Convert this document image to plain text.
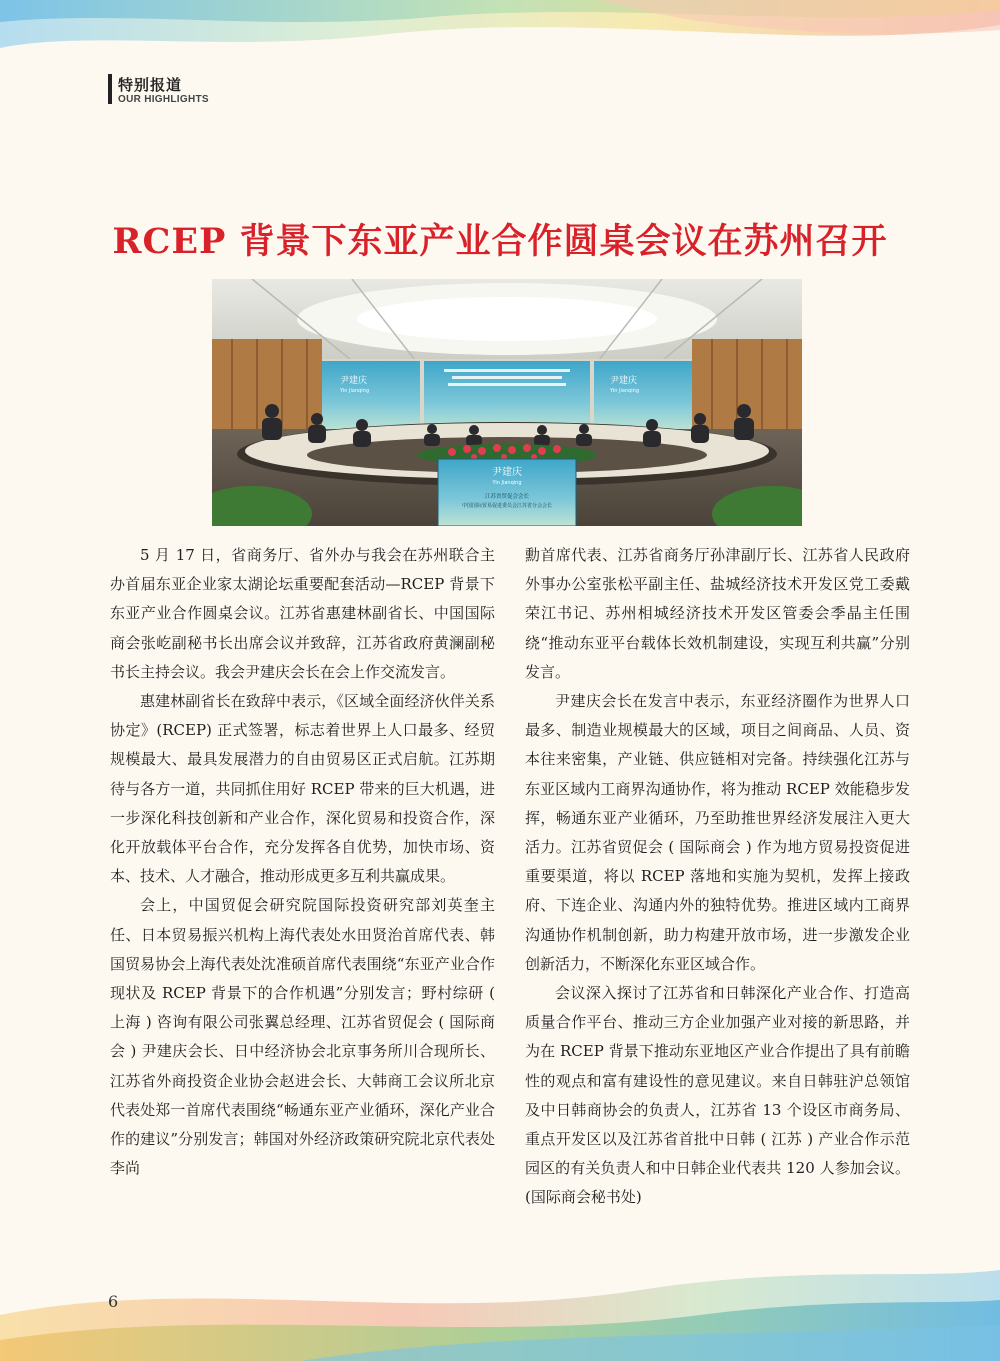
特别报道
OUR HIGHLIGHTS
RCEP 背景下东亚产业合作圆桌会议在苏州召开
尹建庆
Yin Jianqing
尹建庆
Yin Jianqing
尹建庆
Yin Jianqing
江苏省贸促会会长
中国国际贸易促进委员会江苏省分会会长

5 月 17 日，省商务厅、省外办与我会在苏州联合主办首届东亚企业家太湖论坛重要配套活动—RCEP 背景下东亚产业合作圆桌会议。江苏省惠建林副省长、中国国际商会张屹副秘书长出席会议并致辞，江苏省政府黄澜副秘书长主持会议。我会尹建庆会长在会上作交流发言。

惠建林副省长在致辞中表示，《区域全面经济伙伴关系协定》(RCEP) 正式签署，标志着世界上人口最多、经贸规模最大、最具发展潜力的自由贸易区正式启航。江苏期待与各方一道，共同抓住用好 RCEP 带来的巨大机遇，进一步深化科技创新和产业合作，深化贸易和投资合作，深化开放载体平台合作，充分发挥各自优势，加快市场、资本、技术、人才融合，推动形成更多互利共赢成果。

会上，中国贸促会研究院国际投资研究部刘英奎主任、日本贸易振兴机构上海代表处水田贤治首席代表、韩国贸易协会上海代表处沈准硕首席代表围绕“东亚产业合作现状及 RCEP 背景下的合作机遇”分别发言；野村综研 ( 上海 ) 咨询有限公司张翼总经理、江苏省贸促会 ( 国际商会 ) 尹建庆会长、日中经济协会北京事务所川合现所长、江苏省外商投资企业协会赵进会长、大韩商工会议所北京代表处郑一首席代表围绕“畅通东亚产业循环，深化产业合作的建议”分别发言；韩国对外经济政策研究院北京代表处李尚

勳首席代表、江苏省商务厅孙津副厅长、江苏省人民政府外事办公室张松平副主任、盐城经济技术开发区党工委戴荣江书记、苏州相城经济技术开发区管委会季晶主任围绕“推动东亚平台载体长效机制建设，实现互利共赢”分别发言。

尹建庆会长在发言中表示，东亚经济圈作为世界人口最多、制造业规模最大的区域，项目之间商品、人员、资本往来密集，产业链、供应链相对完备。持续强化江苏与东亚区域内工商界沟通协作，将为推动 RCEP 效能稳步发挥，畅通东亚产业循环，乃至助推世界经济发展注入更大活力。江苏省贸促会 ( 国际商会 ) 作为地方贸易投资促进重要渠道，将以 RCEP 落地和实施为契机，发挥上接政府、下连企业、沟通内外的独特优势。推进区域内工商界沟通协作机制创新，助力构建开放市场，进一步激发企业创新活力，不断深化东亚区域合作。

会议深入探讨了江苏省和日韩深化产业合作、打造高质量合作平台、推动三方企业加强产业对接的新思路，并为在 RCEP 背景下推动东亚地区产业合作提出了具有前瞻性的观点和富有建设性的意见建议。来自日韩驻沪总领馆及中日韩商协会的负责人，江苏省 13 个设区市商务局、重点开发区以及江苏省首批中日韩 ( 江苏 ) 产业合作示范园区的有关负责人和中日韩企业代表共 120 人参加会议。(国际商会秘书处)

6
